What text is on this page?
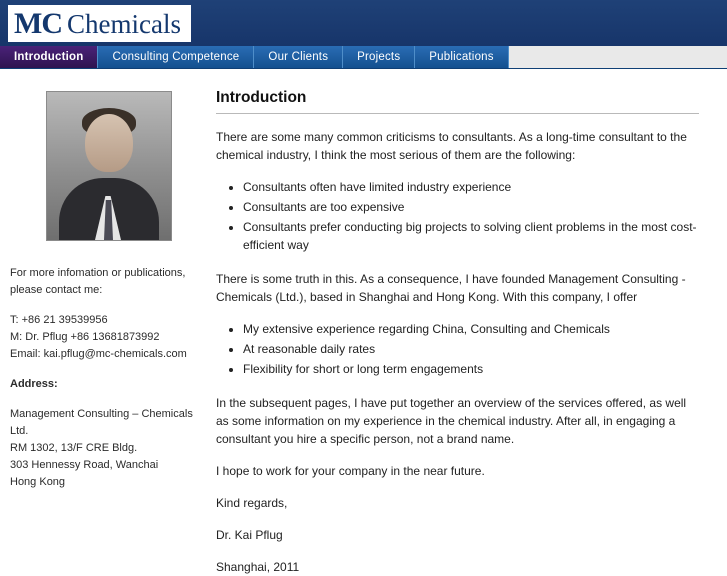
MC Chemicals
Introduction	Consulting Competence	Our Clients	Projects	Publications

For more infomation or publications,
please contact me:

T: +86 21 39539956
M: Dr. Pflug +86 13681873992
Email: kai.pflug@mc-chemicals.com

Address:

Management Consulting – Chemicals Ltd.
RM 1302, 13/F CRE Bldg.
303 Hennessy Road, Wanchai
Hong Kong

Introduction

There are some many common criticisms to consultants. As a long-time consultant to the chemical industry, I think the most serious of them are the following:

• Consultants often have limited industry experience
• Consultants are too expensive
• Consultants prefer conducting big projects to solving client problems in the most cost-efficient way

There is some truth in this. As a consequence, I have founded Management Consulting - Chemicals (Ltd.), based in Shanghai and Hong Kong. With this company, I offer

• My extensive experience regarding China, Consulting and Chemicals
• At reasonable daily rates
• Flexibility for short or long term engagements

In the subsequent pages, I have put together an overview of the services offered, as well as some information on my experience in the chemical industry. After all, in engaging a consultant you hire a specific person, not a brand name.

I hope to work for your company in the near future.

Kind regards,

Dr. Kai Pflug

Shanghai, 2011
